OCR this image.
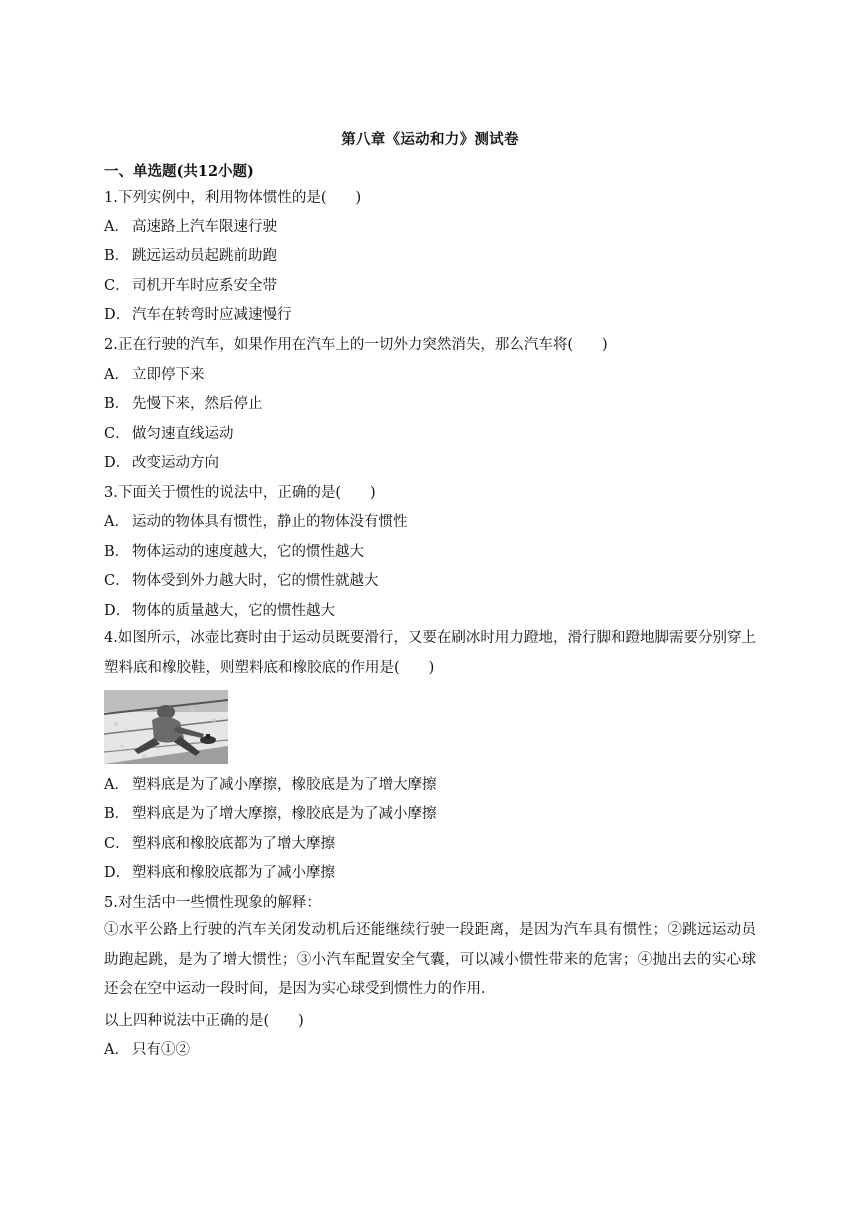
第八章《运动和力》测试卷
一、单选题(共12小题)
1.下列实例中，利用物体惯性的是(　　)
A． 高速路上汽车限速行驶
B． 跳远运动员起跳前助跑
C． 司机开车时应系安全带
D． 汽车在转弯时应减速慢行
2.正在行驶的汽车，如果作用在汽车上的一切外力突然消失，那么汽车将(　　)
A． 立即停下来
B． 先慢下来，然后停止
C． 做匀速直线运动
D． 改变运动方向
3.下面关于惯性的说法中，正确的是(　　)
A． 运动的物体具有惯性，静止的物体没有惯性
B． 物体运动的速度越大，它的惯性越大
C． 物体受到外力越大时，它的惯性就越大
D． 物体的质量越大，它的惯性越大
4.如图所示，冰壶比赛时由于运动员既要滑行，又要在刷冰时用力蹬地，滑行脚和蹬地脚需要分别穿上塑料底和橡胶鞋，则塑料底和橡胶底的作用是(　　)
A． 塑料底是为了减小摩擦，橡胶底是为了增大摩擦
B． 塑料底是为了增大摩擦，橡胶底是为了减小摩擦
C． 塑料底和橡胶底都为了增大摩擦
D． 塑料底和橡胶底都为了减小摩擦
5.对生活中一些惯性现象的解释：
①水平公路上行驶的汽车关闭发动机后还能继续行驶一段距离，是因为汽车具有惯性；②跳远运动员助跑起跳，是为了增大惯性；③小汽车配置安全气囊，可以减小惯性带来的危害；④抛出去的实心球还会在空中运动一段时间，是因为实心球受到惯性力的作用．
以上四种说法中正确的是(　　)
A． 只有①②
